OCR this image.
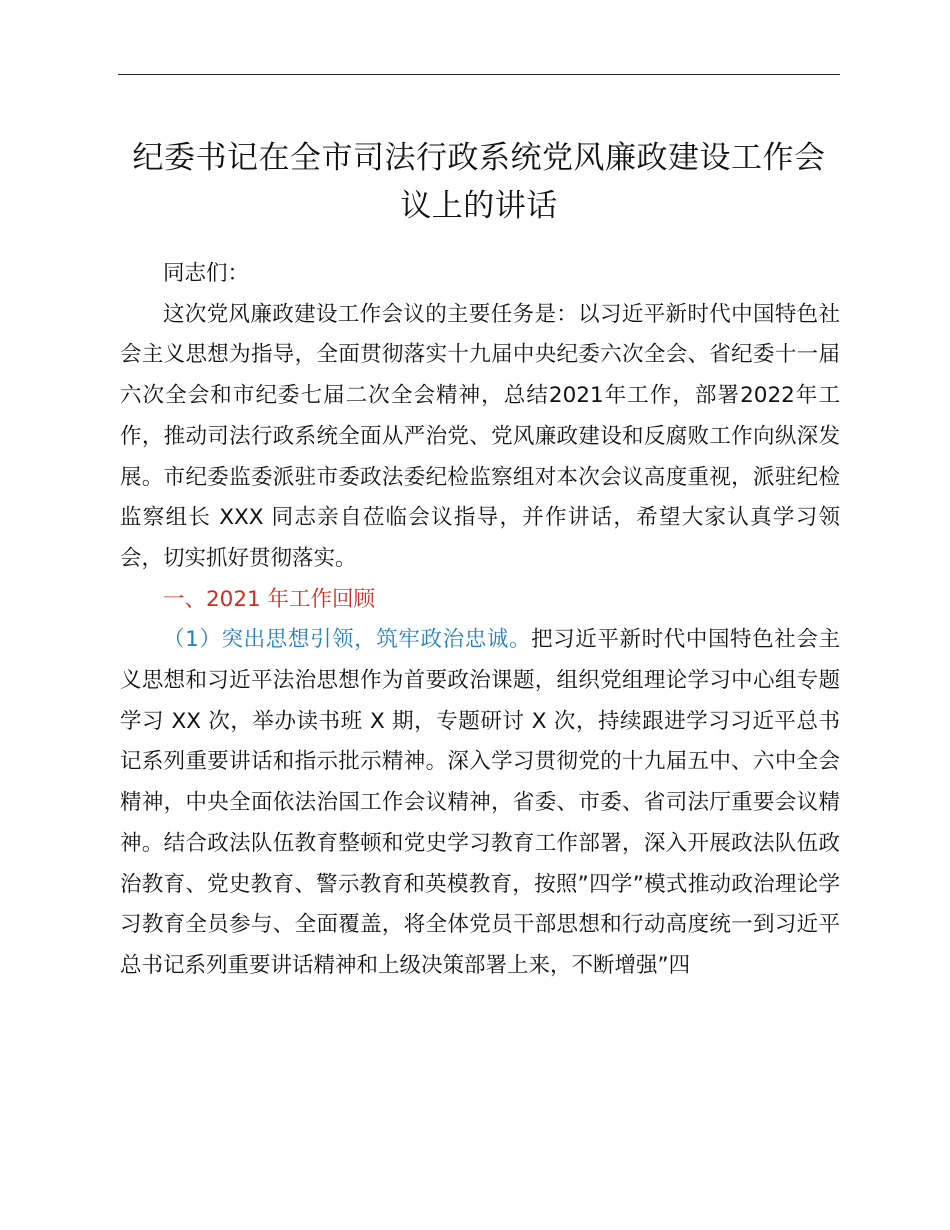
纪委书记在全市司法行政系统党风廉政建设工作会议上的讲话

同志们：

这次党风廉政建设工作会议的主要任务是：以习近平新时代中国特色社会主义思想为指导，全面贯彻落实十九届中央纪委六次全会、省纪委十一届六次全会和市纪委七届二次全会精神，总结2021年工作，部署2022年工作，推动司法行政系统全面从严治党、党风廉政建设和反腐败工作向纵深发展。市纪委监委派驻市委政法委纪检监察组对本次会议高度重视，派驻纪检监察组长 XXX 同志亲自莅临会议指导，并作讲话，希望大家认真学习领会，切实抓好贯彻落实。

一、2021 年工作回顾

（1）突出思想引领，筑牢政治忠诚。把习近平新时代中国特色社会主义思想和习近平法治思想作为首要政治课题，组织党组理论学习中心组专题学习 XX 次，举办读书班 X 期，专题研讨 X 次，持续跟进学习习近平总书记系列重要讲话和指示批示精神。深入学习贯彻党的十九届五中、六中全会精神，中央全面依法治国工作会议精神，省委、市委、省司法厅重要会议精神。结合政法队伍教育整顿和党史学习教育工作部署，深入开展政法队伍政治教育、党史教育、警示教育和英模教育，按照”四学”模式推动政治理论学习教育全员参与、全面覆盖，将全体党员干部思想和行动高度统一到习近平总书记系列重要讲话精神和上级决策部署上来，不断增强”四
